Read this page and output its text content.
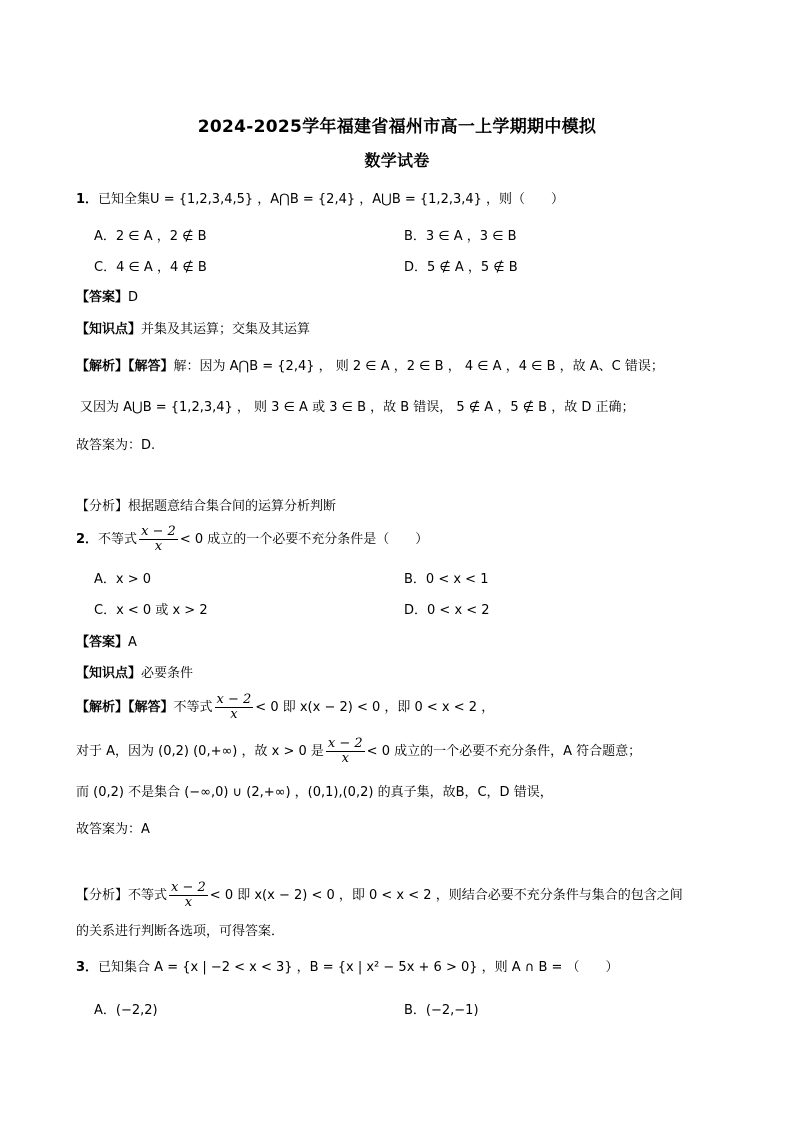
2024-2025学年福建省福州市高一上学期期中模拟
数学试卷
1．已知全集U = {1,2,3,4,5} ，A⋂B = {2,4} ，A⋃B = {1,2,3,4} ，则（　　）
A．2 ∈ A ，2 ∉ B	B．3 ∈ A ，3 ∈ B
C．4 ∈ A ，4 ∉ B	D．5 ∉ A ，5 ∉ B
【答案】D
【知识点】并集及其运算；交集及其运算
【解析】【解答】解：因为 A⋂B = {2,4} ， 则 2 ∈ A ，2 ∈ B ， 4 ∈ A ，4 ∈ B ，故 A、C 错误；
又因为 A⋃B = {1,2,3,4} ， 则 3 ∈ A 或 3 ∈ B ，故 B 错误， 5 ∉ A ，5 ∉ B ，故 D 正确；
故答案为：D.
【分析】根据题意结合集合间的运算分析判断
2．不等式 $\frac{x - 2}{x} < 0$ 成立的一个必要不充分条件是（　　）
A．x > 0	B．0 < x < 1
C．x < 0 或 x > 2	D．0 < x < 2
【答案】A
【知识点】必要条件
【解析】【解答】不等式 $\frac{x - 2}{x} < 0$ 即 x(x − 2) < 0 ，即 0 < x < 2 ，
对于 A，因为 (0,2) (0,+∞) ，故 x > 0 是 $\frac{x - 2}{x} < 0$ 成立的一个必要不充分条件，A 符合题意；
而 (0,2) 不是集合 (−∞,0) ∪ (2,+∞) ，(0,1),(0,2) 的真子集，故B，C，D 错误，
故答案为：A
【分析】不等式 $\frac{x - 2}{x} < 0$ 即 x(x − 2) < 0 ，即 0 < x < 2 ，则结合必要不充分条件与集合的包含之间
的关系进行判断各选项，可得答案．
3．已知集合 A = {x | −2 < x < 3} ，B = {x | x² − 5x + 6 > 0} ，则 A ∩ B = （　　）
A．(−2,2)	B．(−2,−1)
